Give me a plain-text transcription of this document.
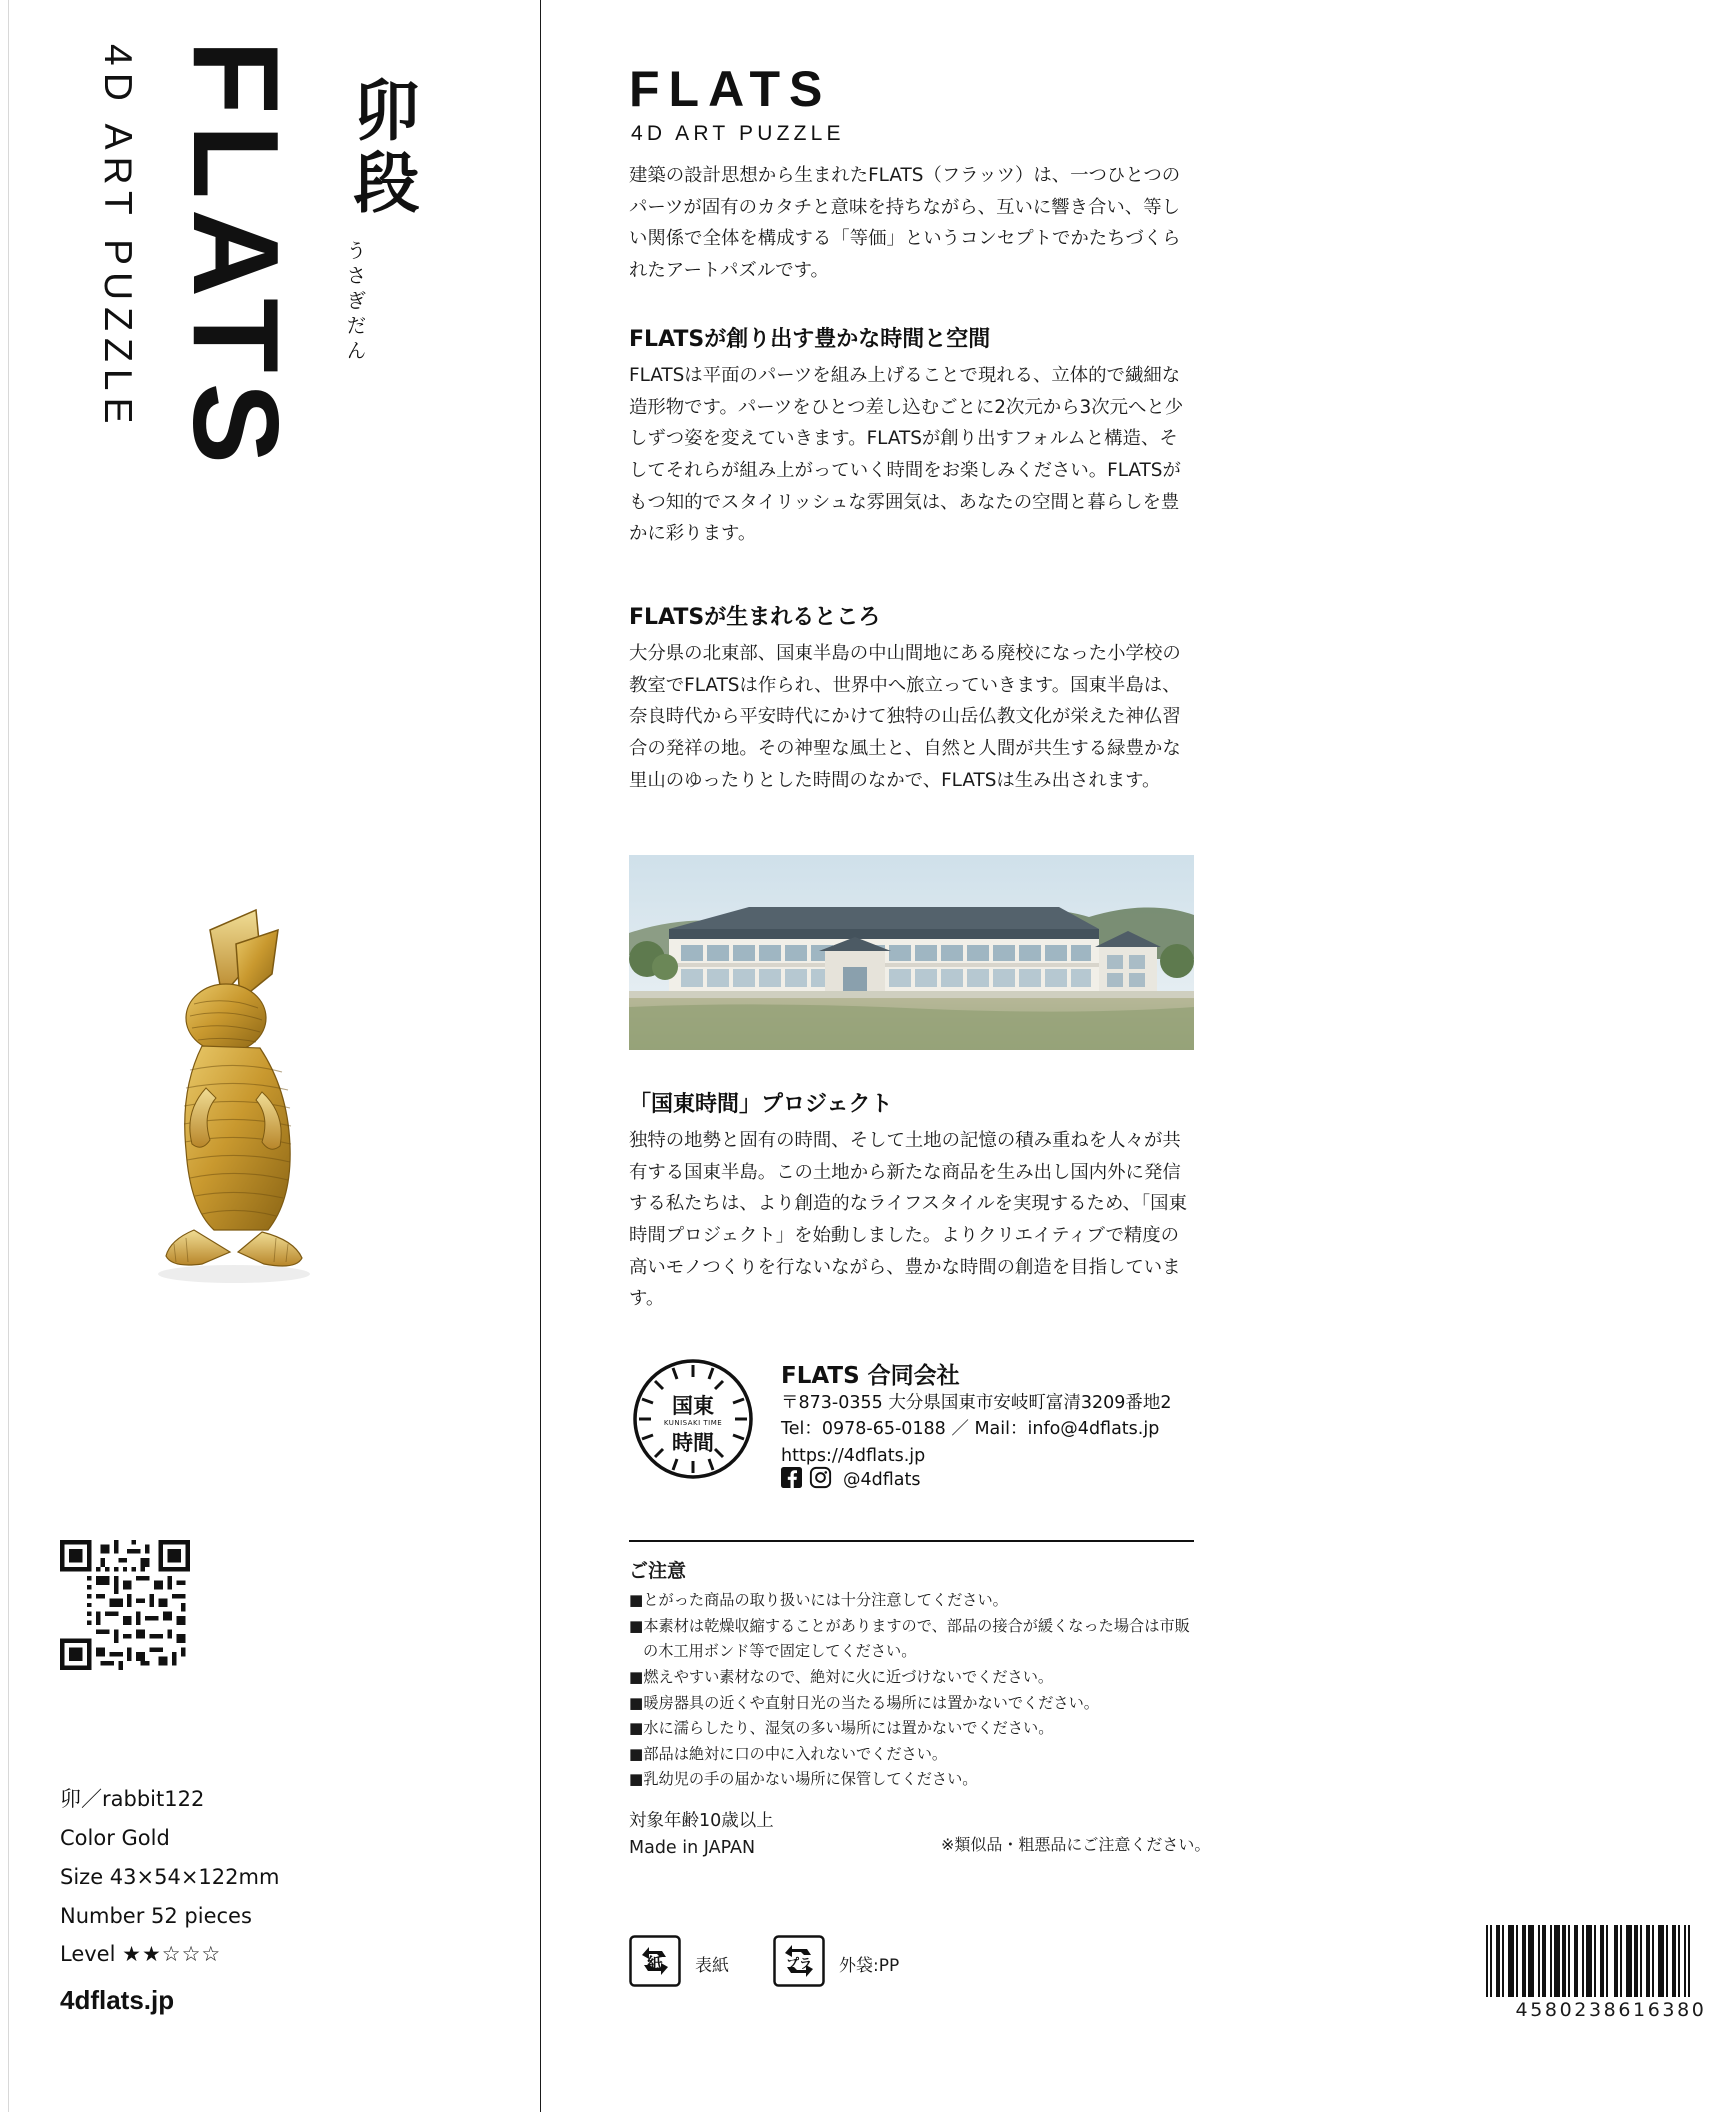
FLATS
4D ART PUZZLE	卯段
うさぎだん
卯／rabbit122
Color Gold
Size 43×54×122mm
Number 52 pieces
Level ★★☆☆☆
4dflats.jp
FLATS
4D ART PUZZLE
建築の設計思想から生まれたFLATS（フラッツ）は、一つひとつのパーツが固有のカタチと意味を持ちながら、互いに響き合い、等しい関係で全体を構成する「等価」というコンセプトでかたちづくられたアートパズルです。
FLATSが創り出す豊かな時間と空間
FLATSは平面のパーツを組み上げることで現れる、立体的で繊細な造形物です。パーツをひとつ差し込むごとに2次元から3次元へと少しずつ姿を変えていきます。FLATSが創り出すフォルムと構造、そしてそれらが組み上がっていく時間をお楽しみください。FLATSがもつ知的でスタイリッシュな雰囲気は、あなたの空間と暮らしを豊かに彩ります。
FLATSが生まれるところ
大分県の北東部、国東半島の中山間地にある廃校になった小学校の教室でFLATSは作られ、世界中へ旅立っていきます。国東半島は、奈良時代から平安時代にかけて独特の山岳仏教文化が栄えた神仏習合の発祥の地。その神聖な風土と、自然と人間が共生する緑豊かな里山のゆったりとした時間のなかで、FLATSは生み出されます。
「国東時間」プロジェクト
独特の地勢と固有の時間、そして土地の記憶の積み重ねを人々が共有する国東半島。この土地から新たな商品を生み出し国内外に発信する私たちは、より創造的なライフスタイルを実現するため、「国東時間プロジェクト」を始動しました。よりクリエイティブで精度の高いモノつくりを行ないながら、豊かな時間の創造を目指しています。
国東
KUNISAKI TIME
時間
FLATS 合同会社
〒873-0355 大分県国東市安岐町富清3209番地2
Tel：0978-65-0188 ／ Mail：info@4dflats.jp
https://4dflats.jp
@4dflats
ご注意
■とがった商品の取り扱いには十分注意してください。
■本素材は乾燥収縮することがありますので、部品の接合が緩くなった場合は市販
の木工用ボンド等で固定してください。
■燃えやすい素材なので、絶対に火に近づけないでください。
■暖房器具の近くや直射日光の当たる場所には置かないでください。
■水に濡らしたり、湿気の多い場所には置かないでください。
■部品は絶対に口の中に入れないでください。
■乳幼児の手の届かない場所に保管してください。
対象年齢10歳以上
Made in JAPAN	※類似品・粗悪品にご注意ください。
紙 表紙	プラ 外袋:PP
4580238616380
